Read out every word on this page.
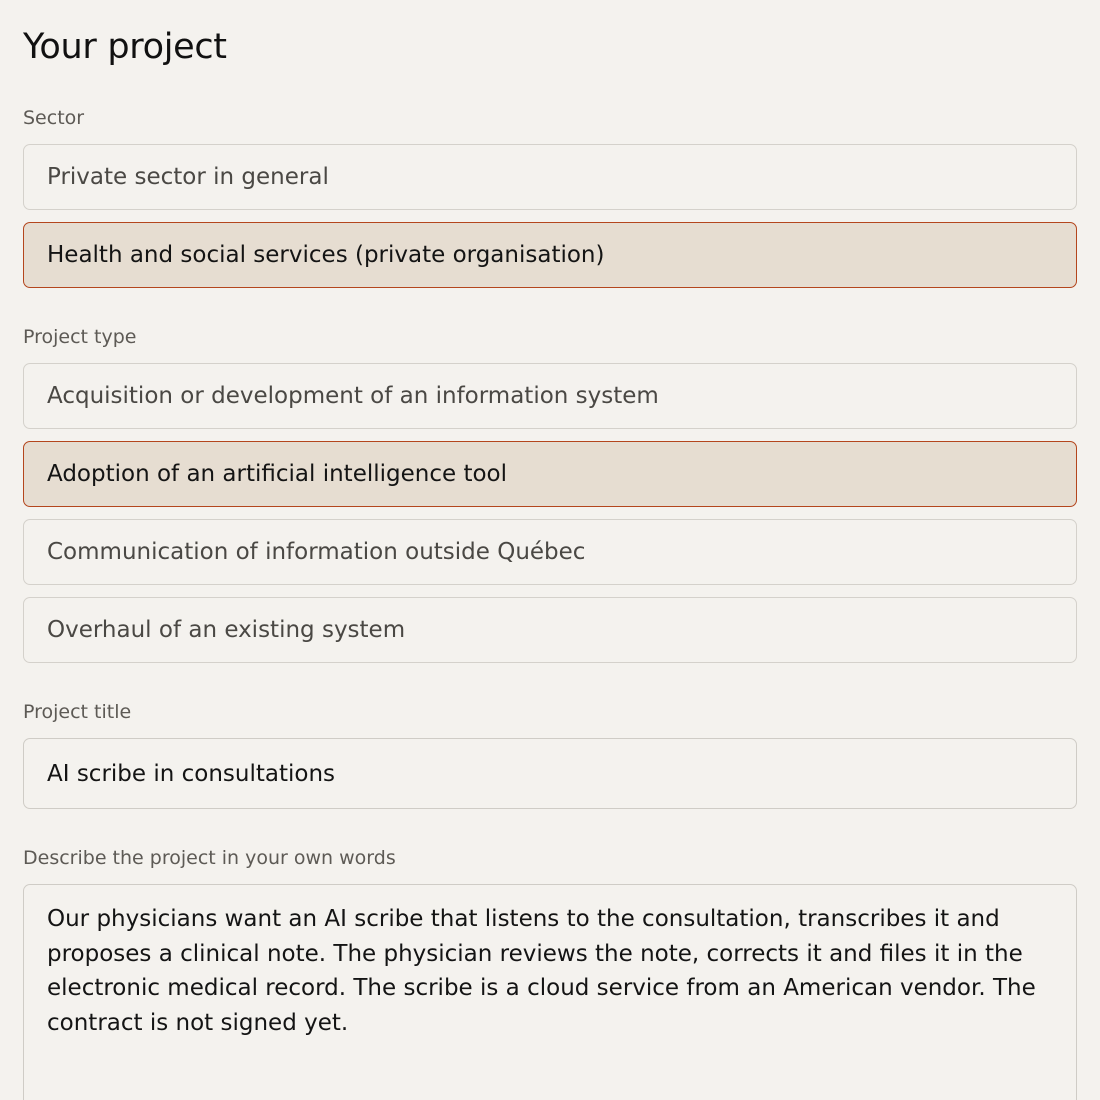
Your project
Sector
Private sector in general
Health and social services (private organisation)
Project type
Acquisition or development of an information system
Adoption of an artificial intelligence tool
Communication of information outside Québec
Overhaul of an existing system
Project title
AI scribe in consultations
Describe the project in your own words
Our physicians want an AI scribe that listens to the consultation, transcribes it and proposes a clinical note. The physician reviews the note, corrects it and files it in the electronic medical record. The scribe is a cloud service from an American vendor. The contract is not signed yet.
